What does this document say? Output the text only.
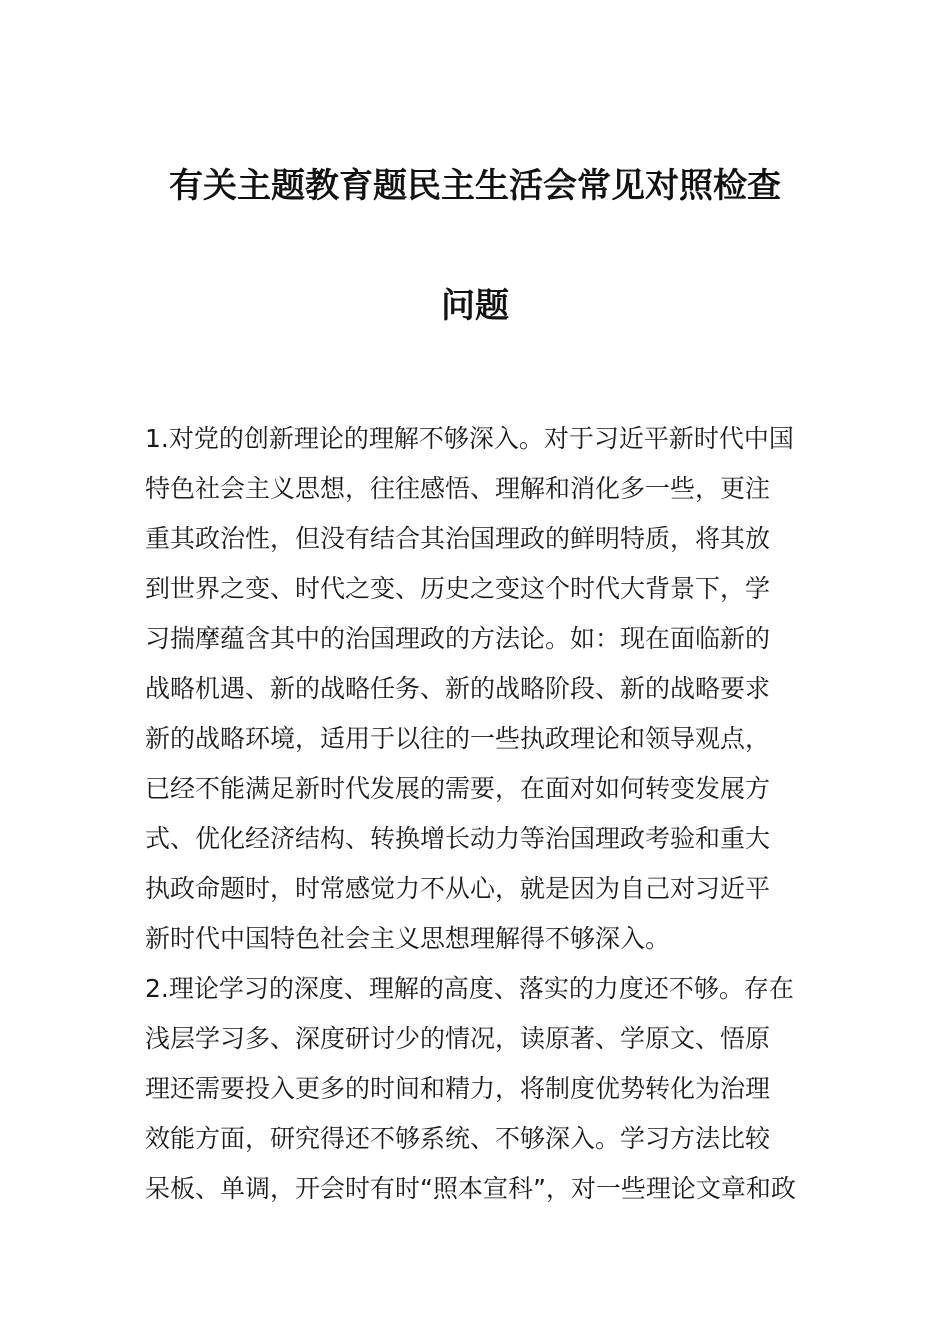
有关主题教育题民主生活会常见对照检查
问题
1.对党的创新理论的理解不够深入。对于习近平新时代中国
特色社会主义思想，往往感悟、理解和消化多一些，更注
重其政治性，但没有结合其治国理政的鲜明特质，将其放
到世界之变、时代之变、历史之变这个时代大背景下，学
习揣摩蕴含其中的治国理政的方法论。如：现在面临新的
战略机遇、新的战略任务、新的战略阶段、新的战略要求
新的战略环境，适用于以往的一些执政理论和领导观点，
已经不能满足新时代发展的需要，在面对如何转变发展方
式、优化经济结构、转换增长动力等治国理政考验和重大
执政命题时，时常感觉力不从心，就是因为自己对习近平
新时代中国特色社会主义思想理解得不够深入。
2.理论学习的深度、理解的高度、落实的力度还不够。存在
浅层学习多、深度研讨少的情况，读原著、学原文、悟原
理还需要投入更多的时间和精力，将制度优势转化为治理
效能方面，研究得还不够系统、不够深入。学习方法比较
呆板、单调，开会时有时“照本宣科”，对一些理论文章和政
